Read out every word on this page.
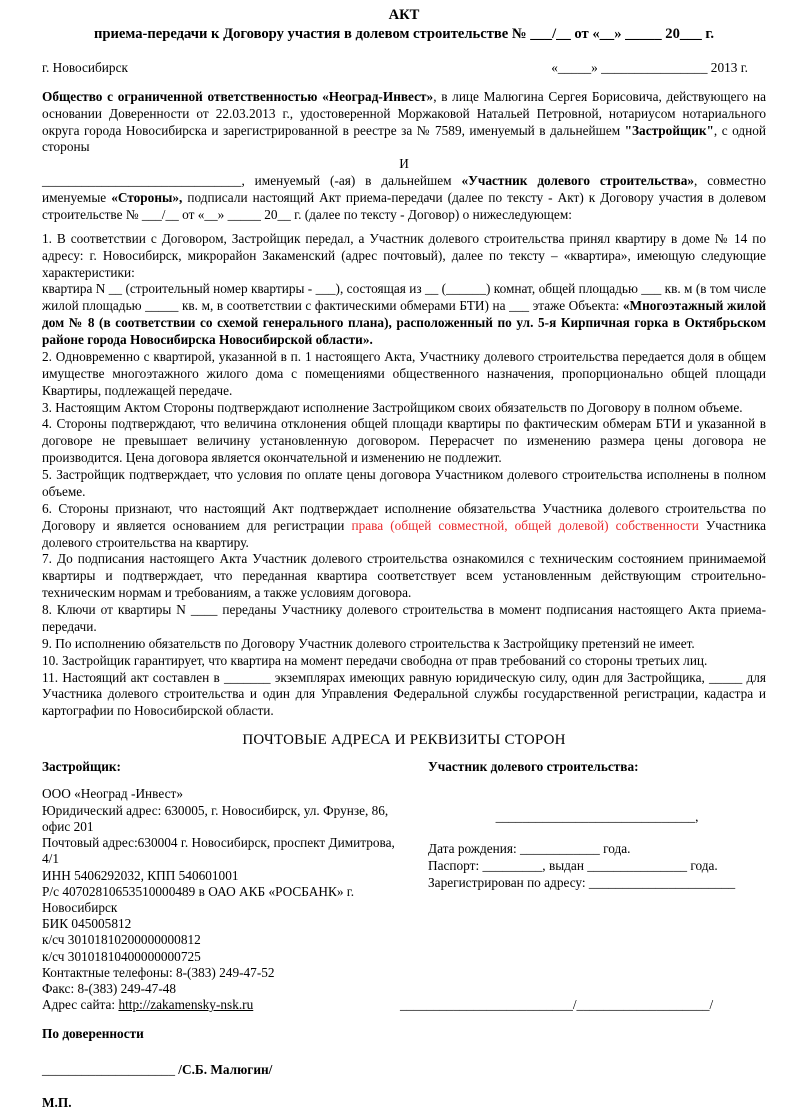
АКТ
приема-передачи к Договору участия в долевом строительстве № ___/__ от «__» _____ 20___ г.
г. Новосибирск	«_____» ________________ 2013 г.

Общество с ограниченной ответственностью «Неоград-Инвест», в лице Малюгина Сергея Борисовича, действующего на основании Доверенности от 22.03.2013 г., удостоверенной Моржаковой Натальей Петровной, нотариусом нотариального округа города Новосибирска и зарегистрированной в реестре за № 7589, именуемый в дальнейшем "Застройщик", с одной стороны

И

______________________________, именуемый (-ая) в дальнейшем «Участник долевого строительства», совместно именуемые «Стороны», подписали настоящий Акт приема-передачи (далее по тексту - Акт) к Договору участия в долевом строительстве № ___/__ от «__» _____ 20__ г. (далее по тексту - Договор) о нижеследующем:

1. В соответствии с Договором, Застройщик передал, а Участник долевого строительства принял квартиру в доме № 14 по адресу: г. Новосибирск, микрорайон Закаменский (адрес почтовый), далее по тексту – «квартира», имеющую следующие характеристики:
квартира N __ (строительный номер квартиры - ___), состоящая из __ (______) комнат, общей площадью ___ кв. м (в том числе жилой площадью _____ кв. м, в соответствии с фактическими обмерами БТИ) на ___ этаже Объекта: «Многоэтажный жилой дом № 8 (в соответствии со схемой генерального плана), расположенный по ул. 5-я Кирпичная горка в Октябрьском районе города Новосибирска Новосибирской области».

2. Одновременно с квартирой, указанной в п. 1 настоящего Акта, Участнику долевого строительства передается доля в общем имуществе многоэтажного жилого дома с помещениями общественного назначения, пропорционально общей площади Квартиры, подлежащей передаче.

3. Настоящим Актом Стороны подтверждают исполнение Застройщиком своих обязательств по Договору в полном объеме.

4. Стороны подтверждают, что величина отклонения общей площади квартиры по фактическим обмерам БТИ и указанной в договоре не превышает величину установленную договором. Перерасчет по изменению размера цены договора не производится. Цена договора является окончательной и изменению не подлежит.

5. Застройщик подтверждает, что условия по оплате цены договора Участником долевого строительства исполнены в полном объеме.

6. Стороны признают, что настоящий Акт подтверждает исполнение обязательства Участника долевого строительства по Договору и является основанием для регистрации права (общей совместной, общей долевой) собственности Участника долевого строительства на квартиру.

7. До подписания настоящего Акта Участник долевого строительства ознакомился с техническим состоянием принимаемой квартиры и подтверждает, что переданная квартира соответствует всем установленным действующим строительно-техническим нормам и требованиям, а также условиям договора.

8. Ключи от квартиры N ____ переданы Участнику долевого строительства в момент подписания настоящего Акта приема-передачи.

9. По исполнению обязательств по Договору Участник долевого строительства к Застройщику претензий не имеет.

10. Застройщик гарантирует, что квартира на момент передачи свободна от прав требований со стороны третьих лиц.

11. Настоящий акт составлен в _______ экземплярах имеющих равную юридическую силу, один для Застройщика, _____ для Участника долевого строительства и один для Управления Федеральной службы государственной регистрации, кадастра и картографии по Новосибирской области.

ПОЧТОВЫЕ АДРЕСА И РЕКВИЗИТЫ СТОРОН
Застройщик:
ООО «Неоград -Инвест»
Юридический адрес: 630005, г. Новосибирск, ул. Фрунзе, 86, офис 201
Почтовый адрес:630004 г. Новосибирск, проспект Димитрова, 4/1
ИНН 5406292032, КПП 540601001
Р/с 40702810653510000489 в ОАО АКБ «РОСБАНК» г. Новосибирск
БИК 045005812
к/сч 30101810200000000812
к/сч 30101810400000000725
Контактные телефоны: 8-(383) 249-47-52
Факс: 8-(383) 249-47-48
Адрес сайта: http://zakamensky-nsk.ru
Участник долевого строительства:
______________________________,
Дата рождения: ____________ года.
Паспорт: _________, выдан _______________ года.
Зарегистрирован по адресу: ______________________
__________________________/____________________/
По доверенности
____________________ /С.Б. Малюгин/
М.П.
